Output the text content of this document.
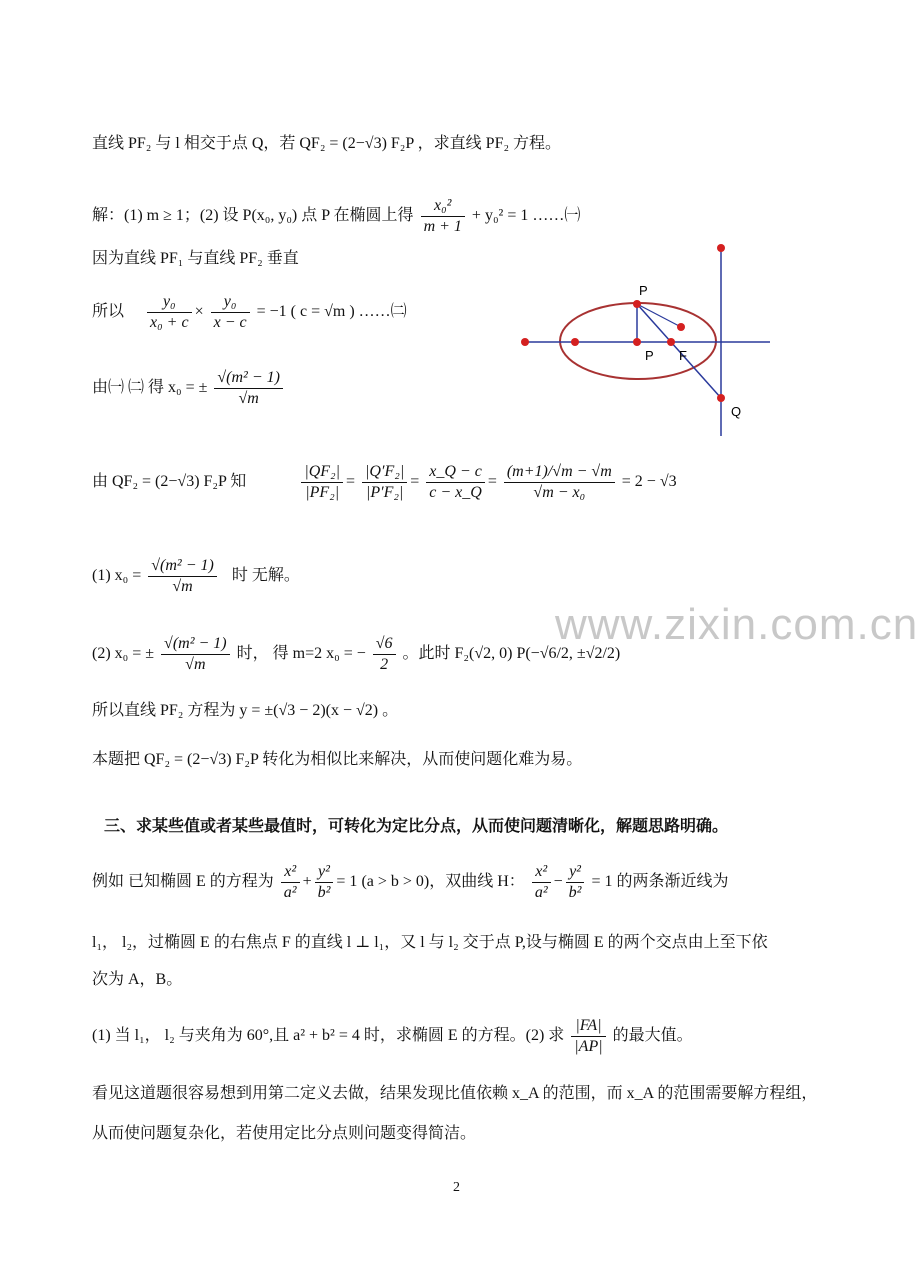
直线 PF₂ 与 l 相交于点 Q，若 QF₂ = (2−√3) F₂P ，求直线 PF₂ 方程。
解：(1) m ≥ 1；(2) 设 P(x₀, y₀) 点 P 在椭圆上得 $\frac{\text{x₀²}}{m + 1} + y_0^2 = 1$ ……㈠
因为直线 PF₁ 与直线 PF₂ 垂直
所以 $\frac{\text{y₀}}{\text{x₀ + c}} \times \frac{\text{y₀}}{x - c} = -1$ ( c = √m ) ……㈡
由㈠ ㈡ 得 x₀ = ± $\frac{\text{√(m² − 1)}}{√m}$
由 QF₂ = (2−√3) F₂P 知	$\frac{\text{|QF₂|}}{\text{|PF₂|}} = \frac{\text{|Q′F₂|}}{\text{|P′F₂|}} = \frac{x\_Q - c}{c - x\_Q} = \frac{(m+1)/√m - √m}{\text{√m − x₀}} = 2 - √3$
(1) $x_0 = \frac{\text{√(m² − 1)}}{√m}$ 时 无解。
(2) x₀ = ± $\frac{\text{√(m² − 1)}}{√m}$ 时， 得 m=2 x₀ = − $\frac{√6}{2}$ 。此时 F₂(√2, 0) P(−√6/2, ±√2/2)
所以直线 PF₂ 方程为 y = ±(√3 − 2)(x − √2) 。
本题把 QF₂ = (2−√3) F₂P 转化为相似比来解决，从而使问题化难为易。
三、求某些值或者某些最值时，可转化为定比分点，从而使问题清晰化，解题思路明确。
例如 已知椭圆 E 的方程为 $\frac{\text{x²}}{\text{a²}} + \frac{\text{y²}}{\text{b²}} = 1$ (a > b > 0)，双曲线 H： $\frac{\text{x²}}{\text{a²}} - \frac{\text{y²}}{\text{b²}} = 1$ 的两条渐近线为
l₁， l₂，过椭圆 E 的右焦点 F 的直线 l ⊥ l₁，又 l 与 l₂ 交于点 P,设与椭圆 E 的两个交点由上至下依
次为 A，B。
(1) 当 l₁， l₂ 与夹角为 60°,且 a² + b² = 4 时，求椭圆 E 的方程。(2) 求 $\frac{|FA|}{|AP|}$ 的最大值。
看见这道题很容易想到用第二定义去做，结果发现比值依赖 x_A 的范围，而 x_A 的范围需要解方程组，
从而使问题复杂化，若使用定比分点则问题变得简洁。
www.zixin.com.cn
P
P F
Q
2
